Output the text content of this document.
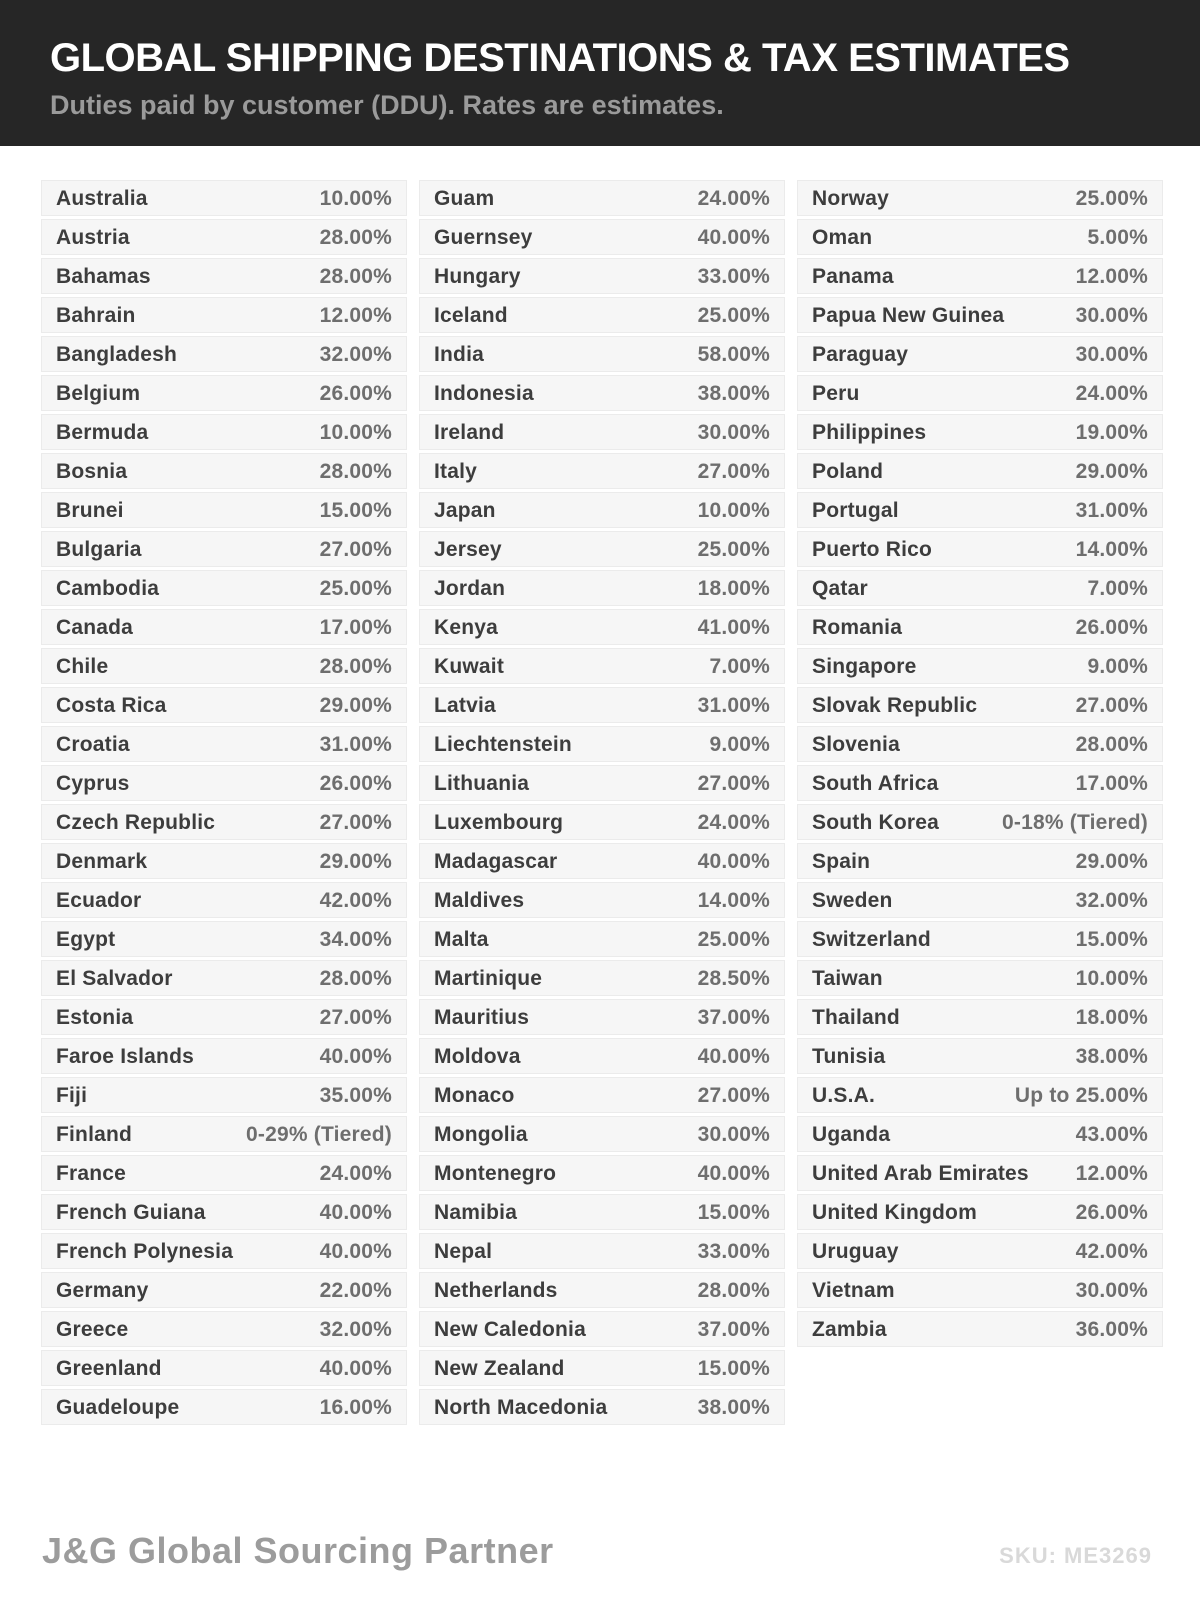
GLOBAL SHIPPING DESTINATIONS & TAX ESTIMATES

Duties paid by customer (DDU). Rates are estimates.

Australia	10.00%
Austria	28.00%
Bahamas	28.00%
Bahrain	12.00%
Bangladesh	32.00%
Belgium	26.00%
Bermuda	10.00%
Bosnia	28.00%
Brunei	15.00%
Bulgaria	27.00%
Cambodia	25.00%
Canada	17.00%
Chile	28.00%
Costa Rica	29.00%
Croatia	31.00%
Cyprus	26.00%
Czech Republic	27.00%
Denmark	29.00%
Ecuador	42.00%
Egypt	34.00%
El Salvador	28.00%
Estonia	27.00%
Faroe Islands	40.00%
Fiji	35.00%
Finland	0-29% (Tiered)
France	24.00%
French Guiana	40.00%
French Polynesia	40.00%
Germany	22.00%
Greece	32.00%
Greenland	40.00%
Guadeloupe	16.00%
Guam	24.00%
Guernsey	40.00%
Hungary	33.00%
Iceland	25.00%
India	58.00%
Indonesia	38.00%
Ireland	30.00%
Italy	27.00%
Japan	10.00%
Jersey	25.00%
Jordan	18.00%
Kenya	41.00%
Kuwait	7.00%
Latvia	31.00%
Liechtenstein	9.00%
Lithuania	27.00%
Luxembourg	24.00%
Madagascar	40.00%
Maldives	14.00%
Malta	25.00%
Martinique	28.50%
Mauritius	37.00%
Moldova	40.00%
Monaco	27.00%
Mongolia	30.00%
Montenegro	40.00%
Namibia	15.00%
Nepal	33.00%
Netherlands	28.00%
New Caledonia	37.00%
New Zealand	15.00%
North Macedonia	38.00%
Norway	25.00%
Oman	5.00%
Panama	12.00%
Papua New Guinea	30.00%
Paraguay	30.00%
Peru	24.00%
Philippines	19.00%
Poland	29.00%
Portugal	31.00%
Puerto Rico	14.00%
Qatar	7.00%
Romania	26.00%
Singapore	9.00%
Slovak Republic	27.00%
Slovenia	28.00%
South Africa	17.00%
South Korea	0-18% (Tiered)
Spain	29.00%
Sweden	32.00%
Switzerland	15.00%
Taiwan	10.00%
Thailand	18.00%
Tunisia	38.00%
U.S.A.	Up to 25.00%
Uganda	43.00%
United Arab Emirates 12.00%
United Kingdom	26.00%
Uruguay	42.00%
Vietnam	30.00%
Zambia	36.00%
J&G Global Sourcing Partner	SKU: ME3269
